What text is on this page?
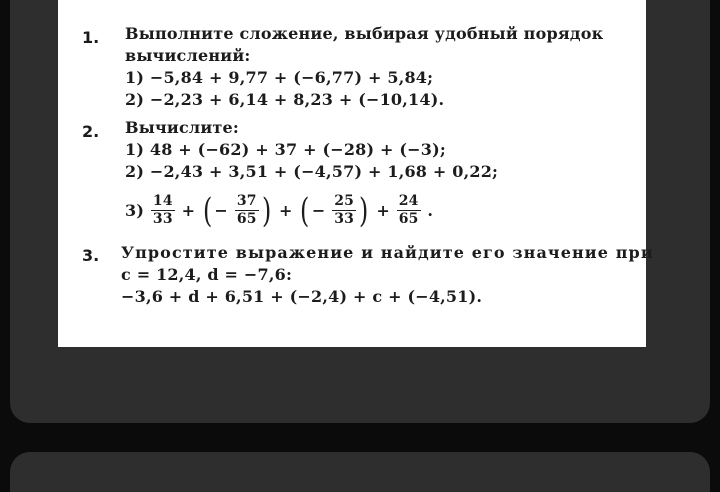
1. Выполните сложение, выбирая удобный порядок
вычислений:
1) −5,84 + 9,77 + (−6,77) + 5,84;
2) −2,23 + 6,14 + 8,23 + (−10,14).
2. Вычислите:
1) 48 + (−62) + 37 + (−28) + (−3);
2) −2,43 + 3,51 + (−4,57) + 1,68 + 0,22;
$3) \frac{14}{33}$ + ( − $\frac{37}{65}$ ) + ( − $\frac{25}{33}$ ) + $\frac{24}{65}$ .
3. Упростите выражение и найдите его значение при
c = 12,4, d = −7,6:
−3,6 + d + 6,51 + (−2,4) + c + (−4,51).
